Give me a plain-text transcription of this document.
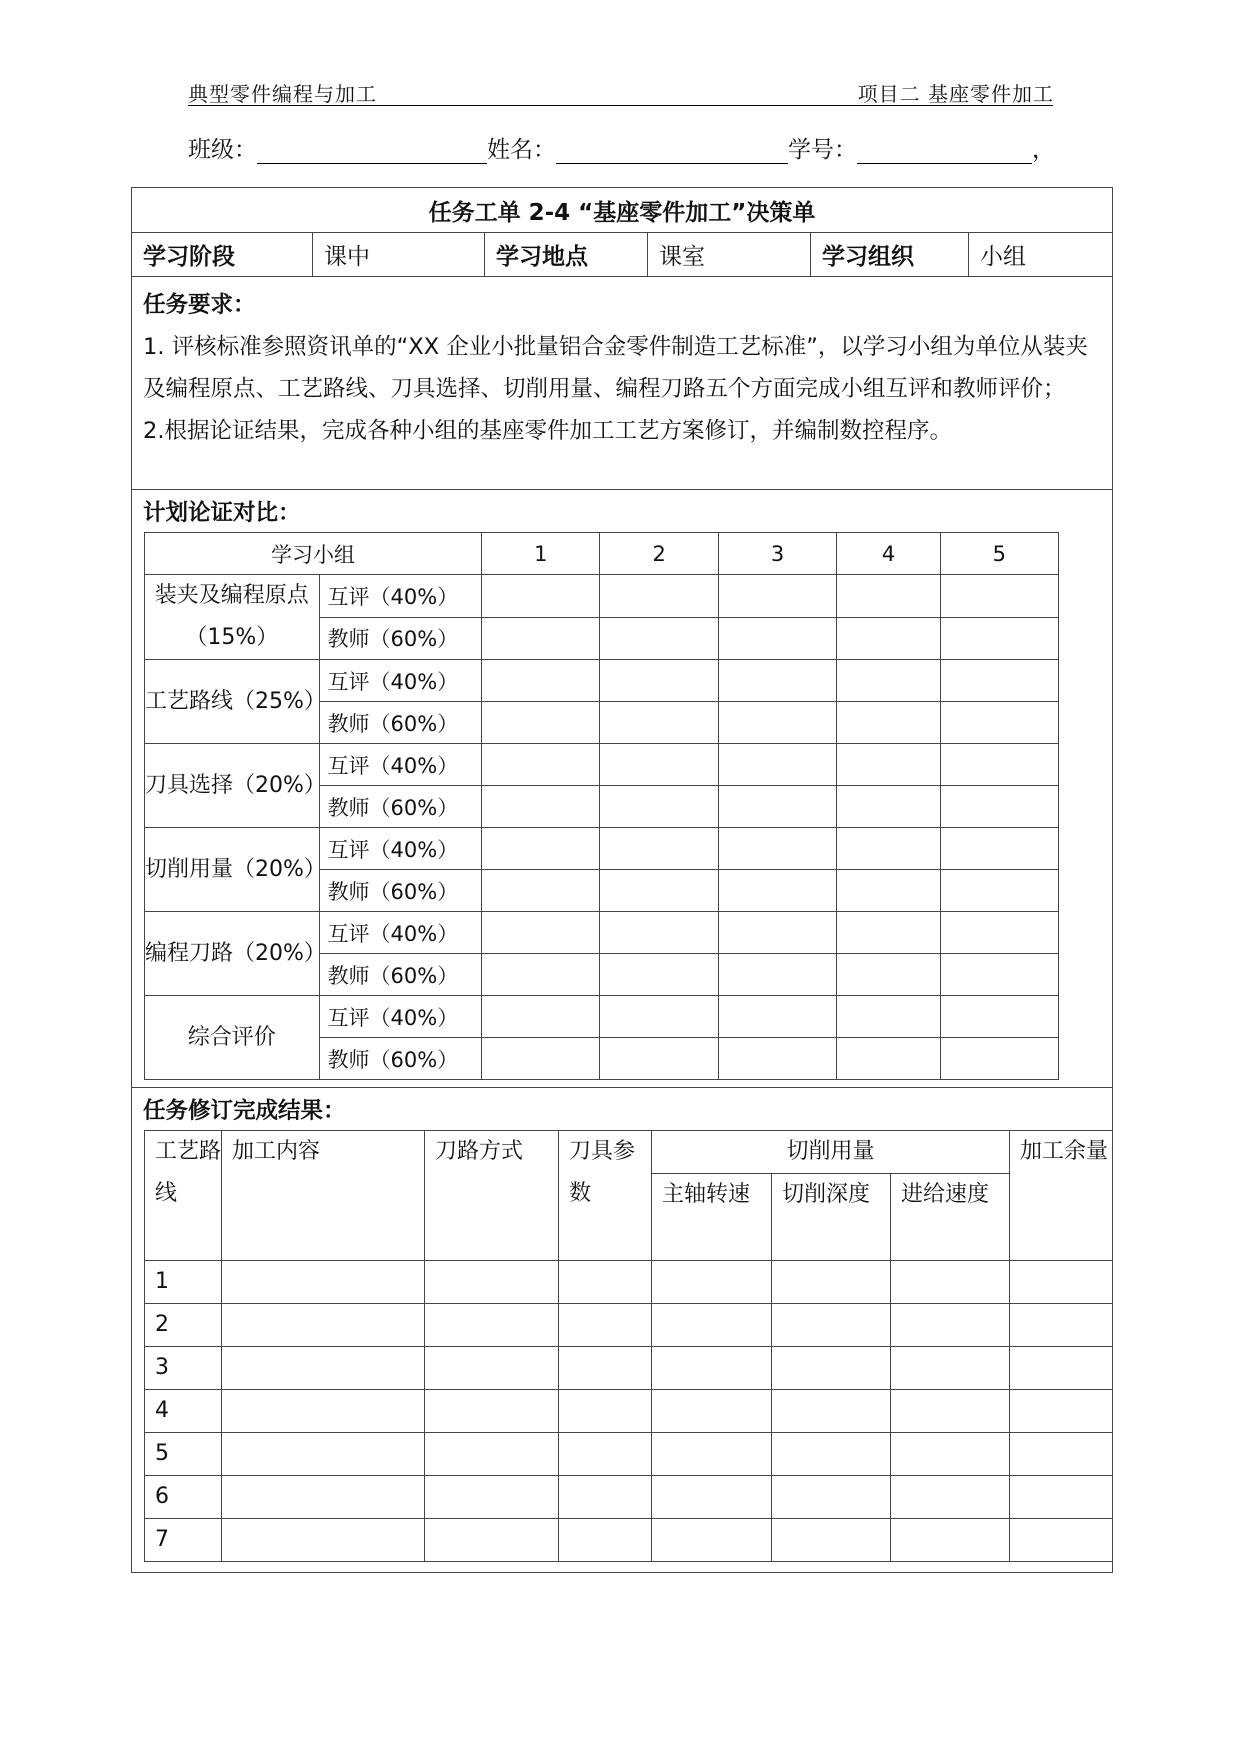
典型零件编程与加工	项目二 基座零件加工
班级：	姓名：	学号：	，
任务工单 2-4 “基座零件加工”决策单
学习阶段	课中	学习地点	课室	学习组织	小组
任务要求：
1. 评核标准参照资讯单的“XX 企业小批量铝合金零件制造工艺标准”，以学习小组为单位从装夹及编程原点、工艺路线、刀具选择、切削用量、编程刀路五个方面完成小组互评和教师评价；
2.根据论证结果，完成各种小组的基座零件加工工艺方案修订，并编制数控程序。
计划论证对比：
学习小组		1	2	3	4	5
装夹及编程原点（15%）	互评（40%）					
	教师（60%）					
工艺路线（25%）	互评（40%）					
	教师（60%）					
刀具选择（20%）	互评（40%）					
	教师（60%）					
切削用量（20%）	互评（40%）					
	教师（60%）					
编程刀路（20%）	互评（40%）					
	教师（60%）					
综合评价	互评（40%）					
	教师（60%）					
任务修订完成结果：
工艺路线	加工内容	刀路方式	刀具参数	切削用量			加工余量
				主轴转速	切削深度	进给速度	
1							
2							
3							
4							
5							
6							
7							
